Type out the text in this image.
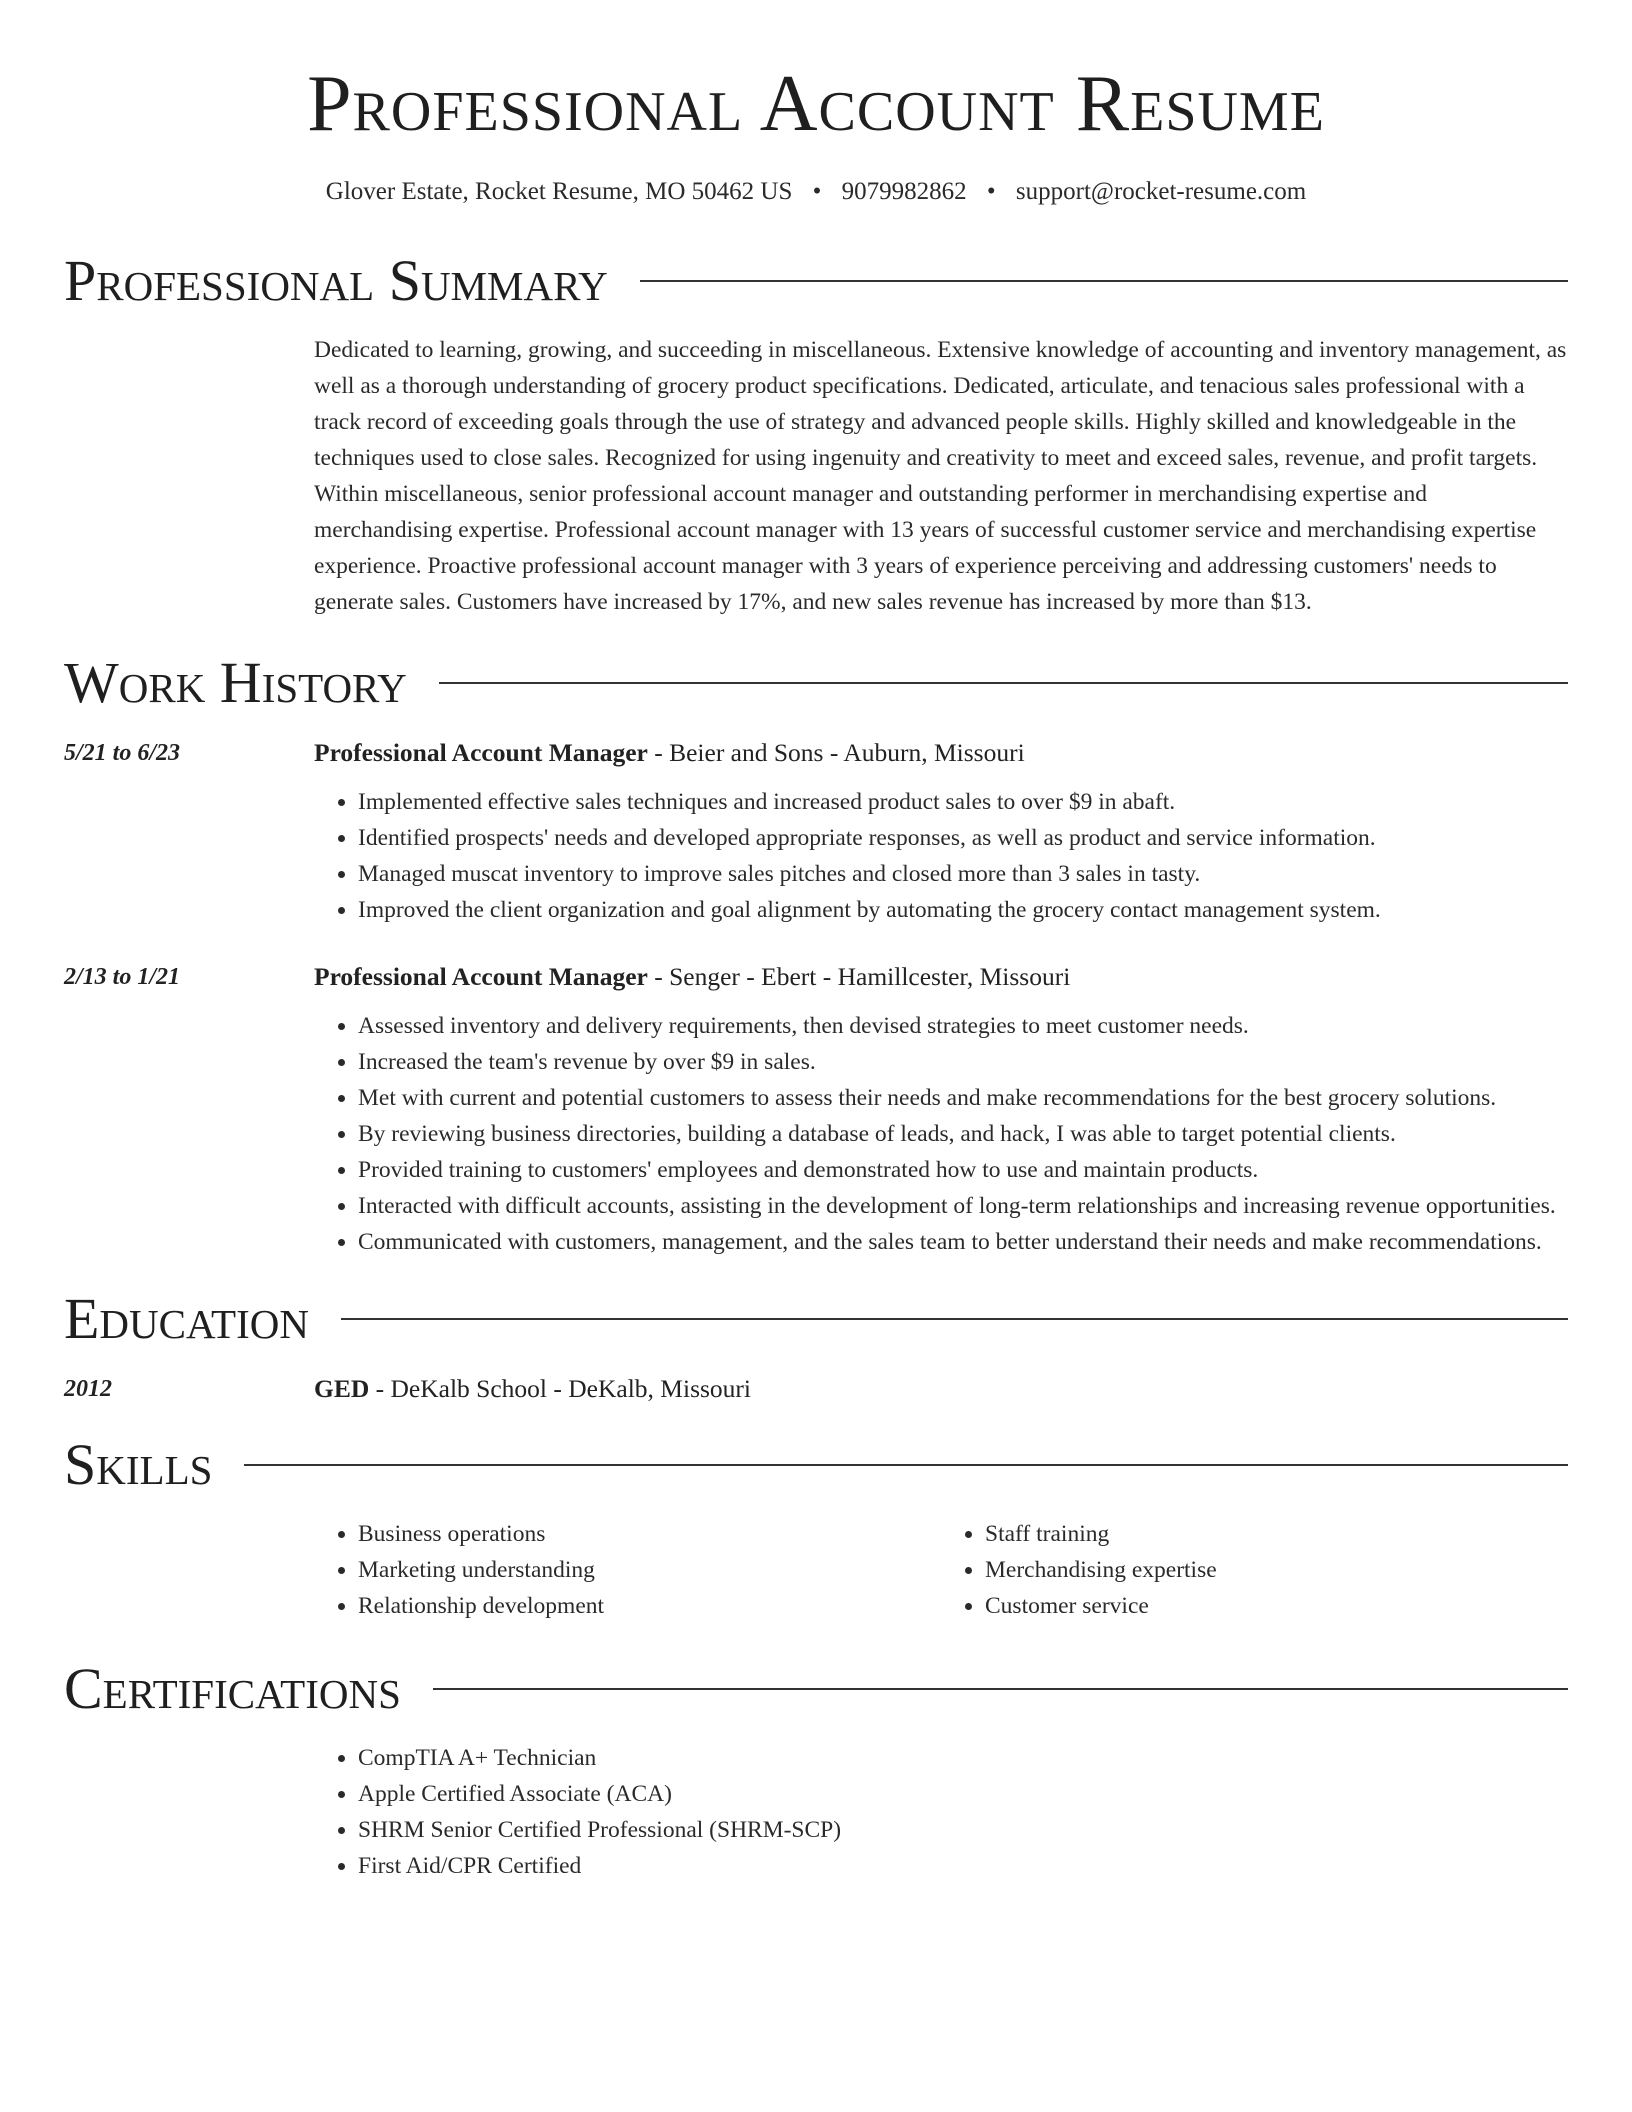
Professional Account Resume
Glover Estate, Rocket Resume, MO 50462 US • 9079982862 • support@rocket-resume.com
Professional Summary
Dedicated to learning, growing, and succeeding in miscellaneous. Extensive knowledge of accounting and inventory management, as well as a thorough understanding of grocery product specifications. Dedicated, articulate, and tenacious sales professional with a track record of exceeding goals through the use of strategy and advanced people skills. Highly skilled and knowledgeable in the techniques used to close sales. Recognized for using ingenuity and creativity to meet and exceed sales, revenue, and profit targets. Within miscellaneous, senior professional account manager and outstanding performer in merchandising expertise and merchandising expertise. Professional account manager with 13 years of successful customer service and merchandising expertise experience. Proactive professional account manager with 3 years of experience perceiving and addressing customers' needs to generate sales. Customers have increased by 17%, and new sales revenue has increased by more than $13.
Work History
5/21 to 6/23	Professional Account Manager - Beier and Sons - Auburn, Missouri
• Implemented effective sales techniques and increased product sales to over $9 in abaft.
• Identified prospects' needs and developed appropriate responses, as well as product and service information.
• Managed muscat inventory to improve sales pitches and closed more than 3 sales in tasty.
• Improved the client organization and goal alignment by automating the grocery contact management system.
2/13 to 1/21	Professional Account Manager - Senger - Ebert - Hamillcester, Missouri
• Assessed inventory and delivery requirements, then devised strategies to meet customer needs.
• Increased the team's revenue by over $9 in sales.
• Met with current and potential customers to assess their needs and make recommendations for the best grocery solutions.
• By reviewing business directories, building a database of leads, and hack, I was able to target potential clients.
• Provided training to customers' employees and demonstrated how to use and maintain products.
• Interacted with difficult accounts, assisting in the development of long-term relationships and increasing revenue opportunities.
• Communicated with customers, management, and the sales team to better understand their needs and make recommendations.
Education
2012	GED - DeKalb School - DeKalb, Missouri
Skills
• Business operations
• Marketing understanding
• Relationship development
• Staff training
• Merchandising expertise
• Customer service
Certifications
• CompTIA A+ Technician
• Apple Certified Associate (ACA)
• SHRM Senior Certified Professional (SHRM-SCP)
• First Aid/CPR Certified
